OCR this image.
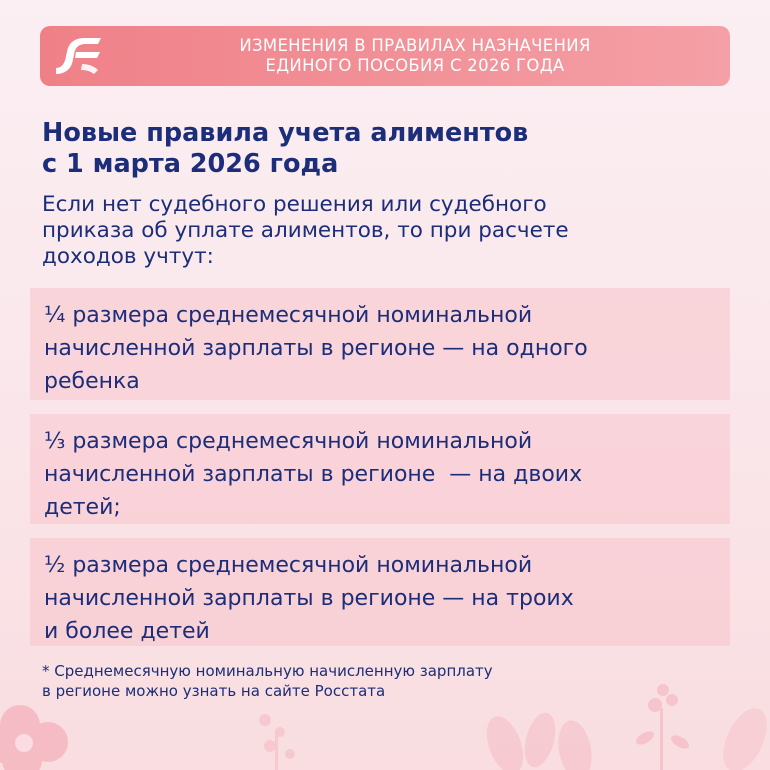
ИЗМЕНЕНИЯ В ПРАВИЛАХ НАЗНАЧЕНИЯ
ЕДИНОГО ПОСОБИЯ С 2026 ГОДА
Новые правила учета алиментов
с 1 марта 2026 года
Если нет судебного решения или судебного
приказа об уплате алиментов, то при расчете
доходов учтут:
¼ размера среднемесячной номинальной
начисленной зарплаты в регионе — на одного
ребенка
⅓ размера среднемесячной номинальной
начисленной зарплаты в регионе  — на двоих
детей;
½ размера среднемесячной номинальной
начисленной зарплаты в регионе — на троих
и более детей
* Среднемесячную номинальную начисленную зарплату
в регионе можно узнать на сайте Росстата
